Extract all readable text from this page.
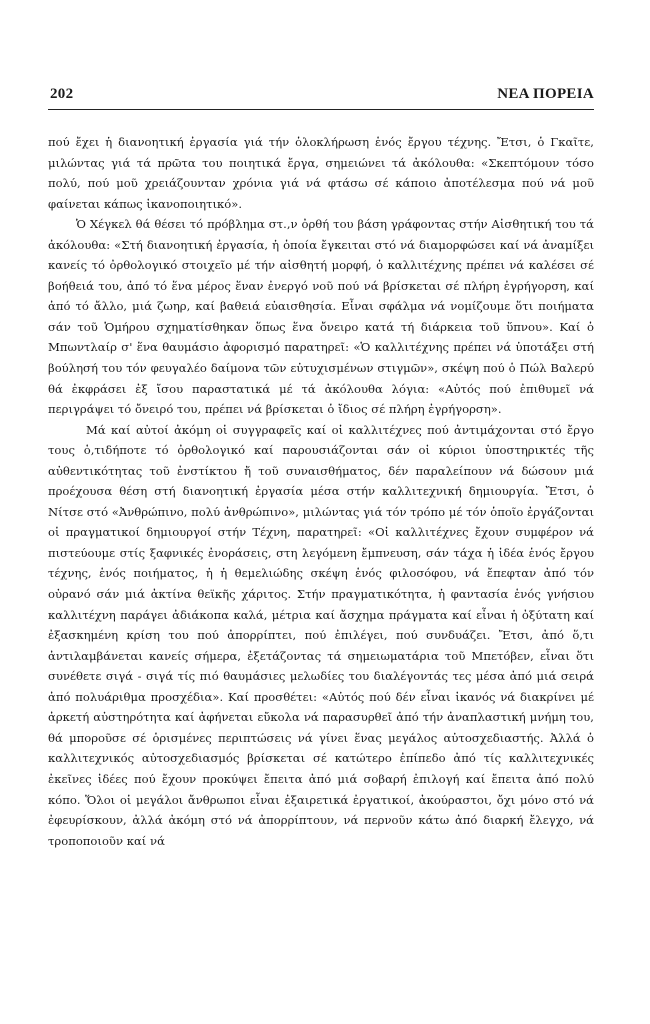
202	ΝΕΑ ΠΟΡΕΙΑ

πού ἔχει ἡ διανοητική ἐργασία γιά τήν ὁλοκλήρωση ἑνός ἔργου τέχνης. Ἔτσι, ὁ Γκαῖτε, μιλώντας γιά τά πρῶτα του ποιητικά ἔργα, σημειώνει τά ἀκόλουθα: «Σκεπτόμουν τόσο πολύ, πού μοῦ χρειάζουνταν χρόνια γιά νά φτάσω σέ κάποιο ἀποτέλεσμα πού νά μοῦ φαίνεται κάπως ἱκανοποιητικό».

Ὁ Χέγκελ θά θέσει τό πρόβλημα στ.,ν ὀρθή του βάση γράφοντας στήν Αἰσθητική του τά ἀκόλουθα: «Στή διανοητική ἐργασία, ἡ ὁποία ἔγκειται στό νά διαμορφώσει καί νά ἀναμίξει κανείς τό ὀρθολογικό στοιχεῖο μέ τήν αἰσθητή μορφή, ὁ καλλιτέχνης πρέπει νά καλέσει σέ βοήθειά του, ἀπό τό ἕνα μέρος ἕναν ἐνεργό νοῦ πού νά βρίσκεται σέ πλήρη ἐγρήγορση, καί ἀπό τό ἄλλο, μιά ζωηρ, καί βαθειά εὐαισθησία. Εἶναι σφάλμα νά νομίζουμε ὅτι ποιήματα σάν τοῦ Ὁμήρου σχηματίσθηκαν ὅπως ἕνα ὄνειρο κατά τή διάρκεια τοῦ ὕπνου». Καί ὁ Μπωντλαίρ σ' ἕνα θαυμάσιο ἀφορισμό παρατηρεῖ: «Ὁ καλλιτέχνης πρέπει νά ὑποτάξει στή βούλησή του τόν φευγαλέο δαίμονα τῶν εὐτυχισμένων στιγμῶν», σκέψη πού ὁ Πώλ Βαλερύ θά ἐκφράσει ἐξ ἴσου παραστατικά μέ τά ἀκόλουθα λόγια: «Αὐτός πού ἐπιθυμεῖ νά περιγράψει τό ὄνειρό του, πρέπει νά βρίσκεται ὁ ἴδιος σέ πλήρη ἐγρήγορση».

Μά καί αὐτοί ἀκόμη οἱ συγγραφεῖς καί οἱ καλλιτέχνες πού ἀντιμάχονται στό ἔργο τους ὁ,τιδήποτε τό ὀρθολογικό καί παρουσιάζονται σάν οἱ κύριοι ὑποστηρικτές τῆς αὐθεντικότητας τοῦ ἐνστίκτου ἤ τοῦ συναισθήματος, δέν παραλείπουν νά δώσουν μιά προέχουσα θέση στή διανοητική ἐργασία μέσα στήν καλλιτεχνική δημιουργία. Ἔτσι, ὁ Νίτσε στό «Ἀνθρώπινο, πολύ ἀνθρώπινο», μιλώντας γιά τόν τρόπο μέ τόν ὁποῖο ἐργάζονται οἱ πραγματικοί δημιουργοί στήν Τέχνη, παρατηρεῖ: «Οἱ καλλιτέχνες ἔχουν συμφέρον νά πιστεύουμε στίς ξαφνικές ἐνοράσεις, στη λεγόμενη ἔμπνευση, σάν τάχα ἡ ἰδέα ἑνός ἔργου τέχνης, ἑνός ποιήματος, ἡ ἡ θεμελιώδης σκέψη ἑνός φιλοσόφου, νά ἔπεφταν ἀπό τόν οὐρανό σάν μιά ἀκτίνα θεϊκῆς χάριτος. Στήν πραγματικότητα, ἡ φαντασία ἑνός γνήσιου καλλιτέχνη παράγει ἀδιάκοπα καλά, μέτρια καί ἄσχημα πράγματα καί εἶναι ἡ ὀξύτατη καί ἐξασκημένη κρίση του πού ἀπορρίπτει, πού ἐπιλέγει, πού συνδυάζει. Ἔτσι, ἀπό ὅ,τι ἀντιλαμβάνεται κανείς σήμερα, ἐξετάζοντας τά σημειωματάρια τοῦ Μπετόβεν, εἶναι ὅτι συνέθετε σιγά - σιγά τίς πιό θαυμάσιες μελωδίες του διαλέγοντάς τες μέσα ἀπό μιά σειρά ἀπό πολυάριθμα προσχέδια». Καί προσθέτει: «Αὐτός πού δέν εἶναι ἱκανός νά διακρίνει μέ ἀρκετή αὐστηρότητα καί ἀφήνεται εὔκολα νά παρασυρθεῖ ἀπό τήν ἀναπλαστική μνήμη του, θά μποροῦσε σέ ὁρισμένες περιπτώσεις νά γίνει ἕνας μεγάλος αὐτοσχεδιαστής. Ἀλλά ὁ καλλιτεχνικός αὐτοσχεδιασμός βρίσκεται σέ κατώτερο ἐπίπεδο ἀπό τίς καλλιτεχνικές ἐκεῖνες ἰδέες πού ἔχουν προκύψει ἔπειτα ἀπό μιά σοβαρή ἐπιλογή καί ἔπειτα ἀπό πολύ κόπο. Ὅλοι οἱ μεγάλοι ἄνθρωποι εἶναι ἐξαιρετικά ἐργατικοί, ἀκούραστοι, ὄχι μόνο στό νά ἐφευρίσκουν, ἀλλά ἀκόμη στό νά ἀπορρίπτουν, νά περνοῦν κάτω ἀπό διαρκή ἔλεγχο, νά τροποποιοῦν καί νά
